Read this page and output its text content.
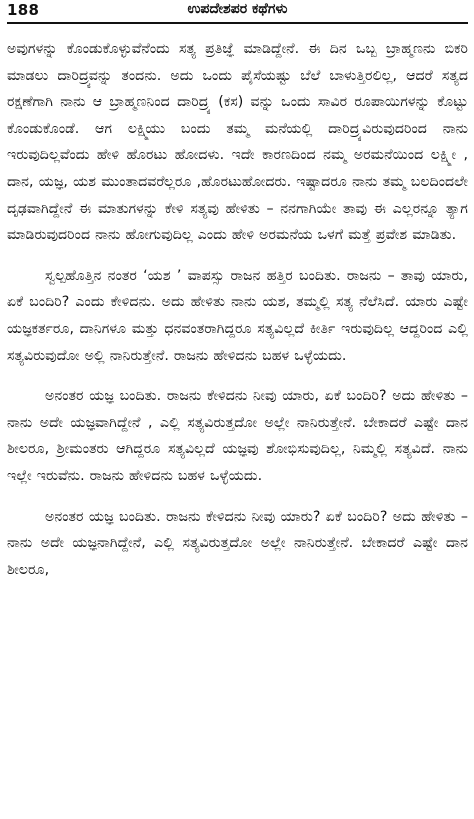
188	ಉಪದೇಶಪರ ಕಥೆಗಳು

ಅವುಗಳನ್ನು ಕೊಂಡುಕೊಳ್ಳುವೆನೆಂದು ಸತ್ಯ ಪ್ರತಿಜ್ಞೆ ಮಾಡಿದ್ದೇನೆ. ಈ ದಿನ ಒಬ್ಬ ಬ್ರಾಹ್ಮಣನು ಬಿಕರಿ ಮಾಡಲು ದಾರಿದ್ರ್ಯವನ್ನು ತಂದನು. ಅದು ಒಂದು ಪೈಸೆಯಷ್ಟು ಬೆಲೆ ಬಾಳುತ್ತಿರಲಿಲ್ಲ, ಆದರೆ ಸತ್ಯದ ರಕ್ಷಣೆಗಾಗಿ ನಾನು ಆ ಬ್ರಾಹ್ಮಣನಿಂದ ದಾರಿದ್ರ್ಯ (ಕಸ) ವನ್ನು ಒಂದು ಸಾವಿರ ರೂಪಾಯಿಗಳನ್ನು ಕೊಟ್ಟು ಕೊಂಡುಕೊಂಡೆ. ಆಗ ಲಕ್ಷ್ಮಿಯು ಬಂದು ತಮ್ಮ ಮನೆಯಲ್ಲಿ ದಾರಿದ್ರ್ಯವಿರುವುದರಿಂದ ನಾನು ಇರುವುದಿಲ್ಲವೆಂದು ಹೇಳಿ ಹೊರಟು ಹೋದಳು. ಇದೇ ಕಾರಣದಿಂದ ನಮ್ಮ ಅರಮನೆಯಿಂದ ಲಕ್ಷ್ಮೀ , ದಾನ, ಯಜ್ಞ, ಯಶ ಮುಂತಾದವರೆಲ್ಲರೂ ,ಹೊರಟುಹೋದರು. ಇಷ್ಟಾದರೂ ನಾನು ತಮ್ಮ ಬಲದಿಂದಲೇ ದೃಢವಾಗಿದ್ದೇನೆ ಈ ಮಾತುಗಳನ್ನು ಕೇಳಿ ಸತ್ಯವು ಹೇಳಿತು – ನನಗಾಗಿಯೇ ತಾವು ಈ ಎಲ್ಲರನ್ನೂ ತ್ಯಾಗ ಮಾಡಿರುವುದರಿಂದ ನಾನು ಹೋಗುವುದಿಲ್ಲ ಎಂದು ಹೇಳಿ ಅರಮನೆಯ ಒಳಗೆ ಮತ್ತೆ ಪ್ರವೇಶ ಮಾಡಿತು.

ಸ್ವಲ್ಪಹೊತ್ತಿನ ನಂತರ ‘ಯಶ ’ ವಾಪಸ್ಸು ರಾಜನ ಹತ್ತಿರ ಬಂದಿತು. ರಾಜನು – ತಾವು ಯಾರು, ಏಕೆ ಬಂದಿರಿ? ಎಂದು ಕೇಳಿದನು. ಅದು ಹೇಳಿತು ನಾನು ಯಶ, ತಮ್ಮಲ್ಲಿ ಸತ್ಯ ನೆಲೆಸಿದೆ. ಯಾರು ಎಷ್ಟೇ ಯಜ್ಞಕರ್ತರೂ, ದಾನಿಗಳೂ ಮತ್ತು ಧನವಂತರಾಗಿದ್ದರೂ ಸತ್ಯವಿಲ್ಲದೆ ಕೀರ್ತಿ ಇರುವುದಿಲ್ಲ ಆದ್ದರಿಂದ ಎಲ್ಲಿ ಸತ್ಯವಿರುವುದೋ ಅಲ್ಲಿ ನಾನಿರುತ್ತೇನೆ. ರಾಜನು ಹೇಳಿದನು ಬಹಳ ಒಳ್ಳೆಯದು.

ಅನಂತರ ಯಜ್ಞ ಬಂದಿತು. ರಾಜನು ಕೇಳಿದನು ನೀವು ಯಾರು, ಏಕೆ ಬಂದಿರಿ? ಅದು ಹೇಳಿತು – ನಾನು ಅದೇ ಯಜ್ಞವಾಗಿದ್ದೇನೆ , ಎಲ್ಲಿ ಸತ್ಯವಿರುತ್ತದೋ ಅಲ್ಲೇ ನಾನಿರುತ್ತೇನೆ. ಬೇಕಾದರೆ ಎಷ್ಟೇ ದಾನ ಶೀಲರೂ, ಶ್ರೀಮಂತರು ಆಗಿದ್ದರೂ ಸತ್ಯವಿಲ್ಲದೆ ಯಜ್ಞವು ಶೋಭಿಸುವುದಿಲ್ಲ, ನಿಮ್ಮಲ್ಲಿ ಸತ್ಯವಿದೆ. ನಾನು ಇಲ್ಲೇ ಇರುವೆನು. ರಾಜನು ಹೇಳಿದನು ಬಹಳ ಒಳ್ಳೆಯದು.

ಅನಂತರ ಯಜ್ಞ ಬಂದಿತು. ರಾಜನು ಕೇಳಿದನು ನೀವು ಯಾರು? ಏಕೆ ಬಂದಿರಿ? ಅದು ಹೇಳಿತು – ನಾನು ಅದೇ ಯಜ್ಞನಾಗಿದ್ದೇನೆ, ಎಲ್ಲಿ ಸತ್ಯವಿರುತ್ತದೋ ಅಲ್ಲೇ ನಾನಿರುತ್ತೇನೆ. ಬೇಕಾದರೆ ಎಷ್ಟೇ ದಾನ ಶೀಲರೂ,
